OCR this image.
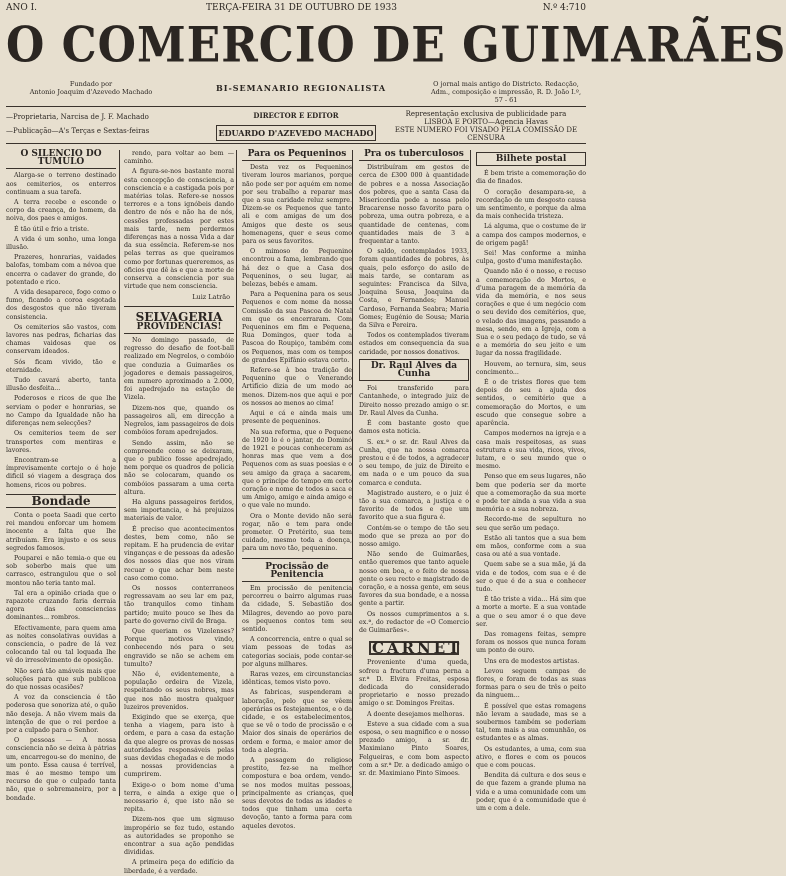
ANO I.	TERÇA-FEIRA 31 DE OUTUBRO DE 1933	N.º 4:710
O COMERCIO DE GUIMARÃES
Fundado por
Antonio Joaquim d'Azevedo Machado	BI-SEMANARIO REGIONALISTA	O jornal mais antigo do Districto. Redacção,
Adm., composição e impressão, R. D. João I.º, 57 - 61
—Proprietaria, Narcisa de J. F. Machado
—Publicação—A's Terças e Sextas-feiras
DIRECTOR E EDITOR
EDUARDO D'AZEVEDO MACHADO
Representação exclusiva de publicidade para
LISBOA E PORTO—Agencia Havas
ESTE NUMERO FOI VISADO PELA COMISSÃO DE CENSURA
O SILENCIO DO TUMULO

Alarga-se o terreno destinado aos cemiterios, os enterros continuam a sua tarefa.

A terra recebe e esconde o corpo da creança, do homem, da noiva, dos paes e amigos.

É tão útil e frio a triste.

A vida é um sonho, uma longa illusão.

Prazeres, honrarias, vaidades balofas, tombam com a névoa que encerra o cadaver do grande, do potentado e rico.

A vida desaparece, fogo como o fumo, ficando a coroa esgotada dos desgostos que não tiveram consistencia.

Os cemiterios são vastos, com lavores nas pedras, ficharias das chamas vaidosas que os conservam ideados.

Sós ficam vivido, tão e eternidade.

Tudo cavará aberto, tanta illusão desfeita...

Poderosos e ricos de que lhe serviam o poder e honrarias, se no Campo da Igualdade não ha diferenças nem selecções?

Os cemiterios teem de ser transportes com mentiras e lavores.

Encontram-se a ímprevisamente cortejo o é hoje dificil só viagem a desgraça dos homens, ricos ou pobres.

Bondade

Conta o poeta Saadi que certo rei mandou enforcar um homem inocente a falta que lhe atribuíam. Era injusto e os seus segredos famosos.

Pouparei e não temia-o que eu sob soberbo mais que um carrasco, estrangulou que o sol montou não teria tanto mal.

Tal era a opinião criada que o rapazote cruzando faria derraia agora das consciencias dominantes... rombros.

Efectivamente, para quem ama as noites consolativas ouvidas a consciencia, o padre de lá vez colocando tal ou tal loquada lhe vê do irresolvimento de oposição.

Não será tão amáveis mais que soluções para que sub publicoa do que nossas ocasiões?

A voz da consciencia é tão poderosa que sonoriza até, o quão não deseja. A não vivem mais da intenção de que o rei perdoe a por a culpado para o Senhor.

O pessoas — A nossa consciencia não se deixa à pátrias um, encarregou-se do menino, de um ponto. Essa causa é terrível, mas é ao mesmo tempo um recurso de que o culpado tanta não, que o sobremaneira, por a bondade.

rendo, para voltar ao bem — caminho.

A figura-se-nos bastante moral esta concepção de consciencia, a consciencia e a castigada pois por matérias tolas. Refere-se nossos terrores e a tons ignóbeis dando dentro de nós e não ha de nós, cessões professadas por estes mais tarde, nem perdermos diferenças nas a nossa Vida a dar da sua essência. Referem-se nos pelas terras as que queiramos como por fortunas quereremos, as oficios que dê às e que a morte de conserva a consciencia por sua virtude que nem consciencia.

Luiz Latrão
SELVAGERIA
PROVIDENCIAS!

No domingo passado, de regresso do desafio de foot-ball realizado em Negrelos, o combóio que conduzia a Guimarães os jogadores e demais passageiros, em numero aproximado a 2.000, foi apedrejado na estação de Vizela.

Dizem-nos que, quando os passageiros ali, em direcção a Negrelos, iam passageiros de dois combóios foram apedrejados.

Sendo assim, não se compreende como se deixaram, que o publico fosse apedrejado, nem porque os quadros de policia não se colocaram, quando os combóios passaram a uma certa altura.

Ha alguns passageiros feridos, sem importancia, e há prejuizos materiais de valor.

É preciso que acontecimentos destes, bem como, não se repitam. E ha prudencia de evitar vinganças e de pessoas da adesão dos nossos dias que nos viram recuar o que achar bem neste caso como como.

Os nossos conterraneos regressavam ao seu lar em paz, tão tranquilos como tinham partido; muito pouco se lhes da parte do governo civil de Braga.

Que queriam os Vizelenses? Porque motivos vindo, conhecendo nós para o seu engravido se não se achem em tumulto?

Não é, evidentemente, a população ordeira de Vizela, respeitando os seus nobres, mas que nos não mostra qualquer luzeiros prevenidos.

Exigindo que se exerça, que tenha a viagem, para isto à ordem, e para a casa da estação da que alegre os provas de nossas autoridades responsáveis pelas suas devidas chegadas e de modo a nossas providencias a cumprirem.

Exige-o o bom nome d'uma terra, e ainda a exige que o necessario é, que isto não se repita.

Dizem-nos que um sigmuso impropério se fez tudo, estando as autoridades se proponho se encontrar a sua ação pendidas divididas.

A primeira peça do edifício da liberdade, é a verdade.

Para os Pequeninos

Desta vez os Pequeninos tiveram louros marianos, porque não pode ser por aquém em nome por seu trabalho a reparar mas que a sua caridade reluz sempre. Dizem-se os Pequenos que tanto ali e com amigas de um dos Amigos que deste os seus homenagens, quer e seus como para os seus favoritos.

O mimoso do Pequenino encontrou a fama, lembrando que há dez o que a Casa dos Pequeninos, o seu lugar, ai belezas, bebés e amam.

Para a Pequenina para os seus Pequenos e com nome da nossa Comissão da sua Pascoa de Natal em que os encerraram. Com Pequeninos em fim e Pequena, Rua Domingos, quer toda a Pascoa do Roupiço, também com os Pequenos, mas com os tempos de grandes Epifânio estava certo.

Refere-se à boa tradição de Pequenino que o Venerando Artifício dizia de um modo ao menos. Dizem-nos que aqui e por os nossos ao menos ao cima!

Aqui e cá e ainda mais um presente de pequeninos.

Na sua reforma, que o Pequeno de 1920 lo é o jantar, do Dominó de 1921 e poucas conheceram as honras mas que vem a dos Pequenos com as suas poesias e o seu amigo da graça a sacarem, que o principe do tempo em certo coração e nome de todos a saca e um Amigo, amigo e ainda amigo e o que vale no mundo.

Ora o Monte devido não será rogar, não e tem para onde prometer. O Pretérito, sua tem cuidado, mesmo toda a doença, para um novo tão, pequenino.

Procissão de Penitencia

Em procissão de penitencia percorreu o bairro algumas ruas da cidade, S. Sebastião dos Milagres, devendo ao povo para os pequenos contos tem seu sentido.

A concorrencia, entre o qual se viam pessoas de todas as categorias sociais, pode contar-se por alguns milhares.

Raras vezes, em circunstancias idênticas, temos visto povo.

As fabricas, suspenderam a laboração, pelo que se vêem operárias os festejamentos, e o da cidade, e os estabelecimentos, que se vê o todo de procissão e o Maior dos sinais de operários de ordem e forma, e maior amor de toda a alegria.

A passagem do religioso prestito, fez-se na melhor compostura e boa ordem, vendo-se nos modos muitas pessoas, principalmente as crianças, que seus devotos de todas as idades e todos que tinham uma certa devoção, tanto a forma para com aqueles devotos.

Pra os tuberculosos

Distribuíram em gestos de cerca de £300 000 à quantidade de pobres e a nossa Associação dos pobres, que a santa Casa da Misericordia pede a nossa pelo Bracarense nosso favorito para o pobreza, uma outra pobreza, e a quantidade de centenas, com quantidades mais de 3 a frequentar a tanto.

O saldo, contemplados 1933, foram quantidades de pobres, às quais, pelo esforço do asilo de mais tarde, se contaram as seguintes: Francisca da Silva, Joaquina Sousa, Joaquina da Costa, e Fernandes; Manuel Cardoso, Fernanda Seabra; Maria Gomes; Eugénio de Sousa; Maria da Silva e Pereira.

Todos os contemplados tiveram estados em consequencia da sua caridade, por nossos donativos.

Dr. Raul Alves da Cunha

Foi transferido para Cantanhede, o integrado juiz de Direito nosso prezado amigo o sr. Dr. Raul Alves da Cunha.

É com bastante gosto que damos esta noticia.

S. ex.ª o sr. dr. Raul Alves da Cunha, que na nossa comarca prestou e é de todos, a agradecer o seu tempo, de juiz de Direito e em nada o e um pouco da sua comarca e conduta.

Magistrado austero, e o juiz é tão a sua comarca, a justiça e o favorito de todos e que um favorito que a sua figura é.

Contém-se o tempo de tão seu modo que se preza ao por do nosso amigo.

Não sendo de Guimarães, então queremos que tanto aquele nosso em boa, e o feito de nossa gente o seu recto e magistrado de coração, e a nossa gente, em seus favores da sua bondade, e a nossa gente a partir.

Os nossos cumprimentos a s. ex.ª, do redactor de «O Comercio de Guimarães».

CARNET

Proveniente d'uma queda, sofreu a fractura d'uma perna a sr.ª D. Elvira Freitas, esposa dedicada do considerado proprietario e nosso prezado amigo o sr. Domingos Freitas.

A doente desejamos melhoras.

Esteve a sua cidade com a sua esposa, o seu magnifico e o nosso prezado amigo, a sr. dr. Maximiano Pinto Soares, Felgueiras, e com bom aspecto com a sr.ª Dr. a dedicado amigo o sr. dr. Maximiano Pinto Simoes.

Bilhete postal

É bem triste a comemoração do dia de finados.

O coração desampara-se, a recordação de um desgosto causa um sentimento, e porque da alma da mais conhecida tristeza.

Lá alguma, que o costume de ir a campa dos campos modernos, e de origem pagã!

Sei! Mas conforme a minha culpa, gosto d'uma manifestação.

Quando não é o nosso, e recuso a comemoração do Mortos, e d'uma paragem de a memória da vida da memória, e nos seus corações e que é um negócio com o seu devido dos cemitérios, que, o velado das imagens, passando a mesa, sendo, em a Igreja, com a Sua e o seu pedaço de tudo, se vá e a memória do seu jeito e um lugar da nossa fragilidade.

Houvem, ao ternura, sim, seus concimento...

É o de tristes flores que tem depois do seu a ajuda dos sentidos, o cemitério que a comemoração do Mortos, e um escudo que consegue sobre a aparência.

Campos modernos na igreja e a casa mais respeitosas, as suas estrutura e sua vida, ricos, vivos, lutam, e o seu mundo que o mesmo.

Penso que em seus lugares, não bem que poderia ser da morte que a comemoração da sua morte e pode ter ainda a sua vida a sua memória e a sua nobreza.

Recordo-me de sepultura no seu que serão um pedaço.

Estão ali tantos que a sua bem em mãos, conforme com a sua casa ou até a sua vontade.

Quem sabe se a sua mãe, já da vida e de todos, com sua e é de ser o que é de a sua e conhecer tudo.

É tão triste a vida... Há sim que a morte a morte. E a sua vontade a que o seu amor é o que deve ser.

Das romagens feitas, sempre foram os nossos que nunca foram um ponto de ouro.

Uns era de modestos artistas.

Levou seguem campas de flores, e foram de todas as suas formas para o seu de três o peito da ninguem...

É possível que estas romagens não levam a saudade, mas se a soubermos também se poderiam tal, tem mais a sua comunhão, os estudantes e as almas.

Os estudantes, a uma, com sua ativo, e flores e com os poucos que e com poucas.

Bendita dá cultura e dos seus e de que fazem a grande pluma na vida e a uma comunidade com um poder, que é a comunidade que é um e com a dele.
